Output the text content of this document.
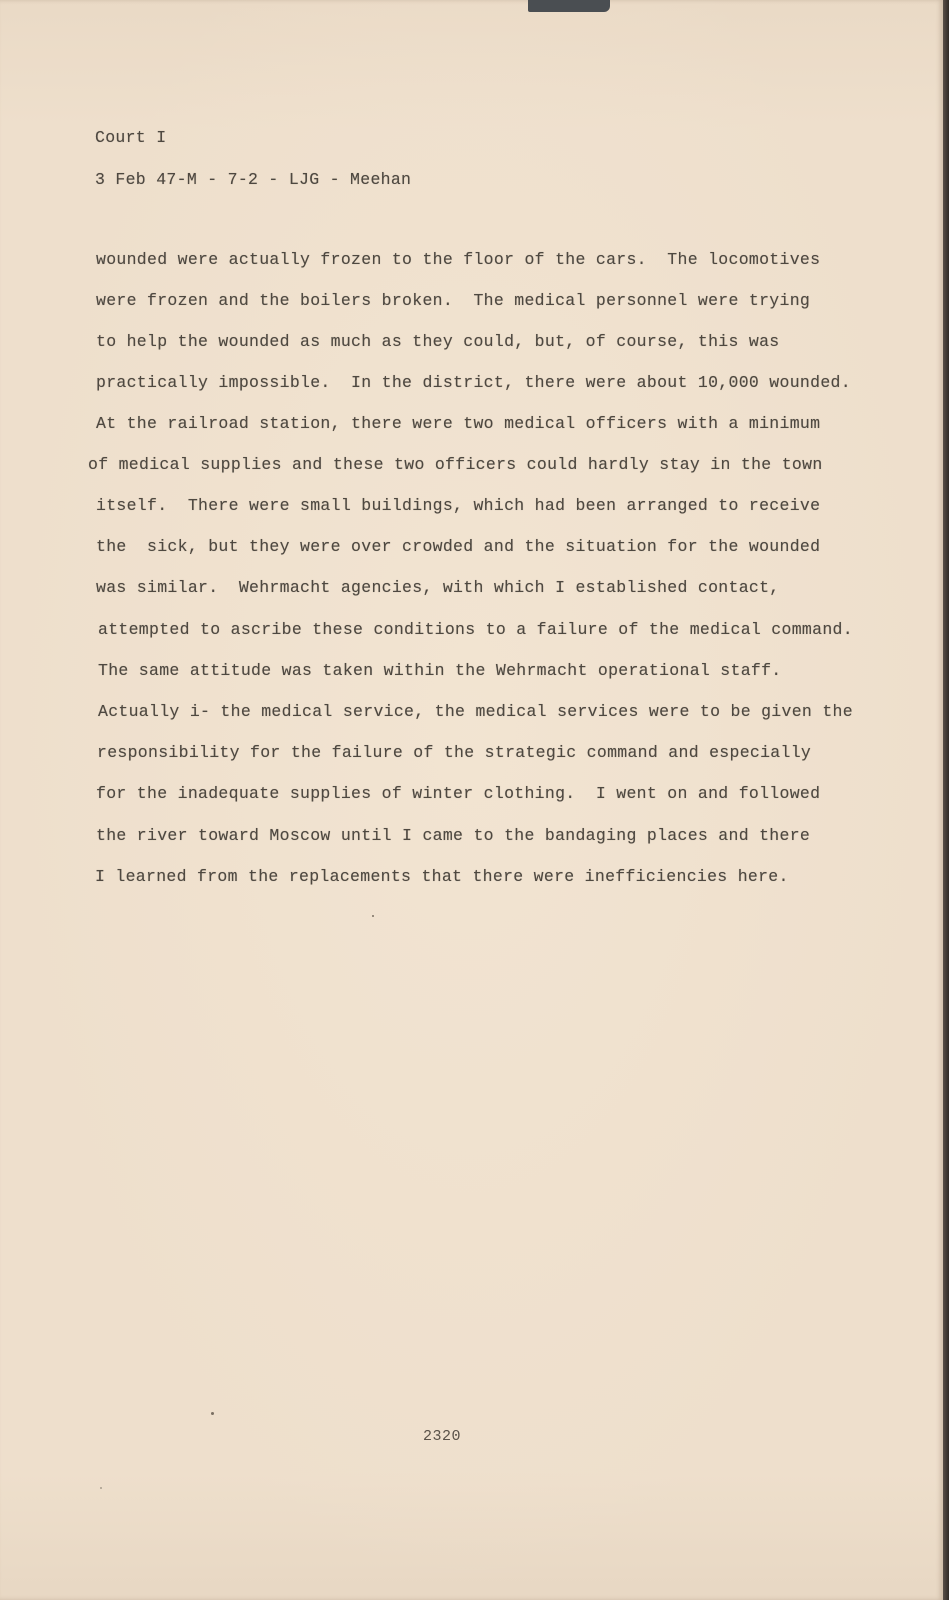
Court I
3 Feb 47-M - 7-2 - LJG - Meehan
wounded were actually frozen to the floor of the cars.  The locomotives
were frozen and the boilers broken.  The medical personnel were trying
to help the wounded as much as they could, but, of course, this was
practically impossible.  In the district, there were about 10,000 wounded.
At the railroad station, there were two medical officers with a minimum
of medical supplies and these two officers could hardly stay in the town
itself.  There were small buildings, which had been arranged to receive
the  sick, but they were over crowded and the situation for the wounded
was similar.  Wehrmacht agencies, with which I established contact,
attempted to ascribe these conditions to a failure of the medical command.
The same attitude was taken within the Wehrmacht operational staff.
Actually i- the medical service, the medical services were to be given the
responsibility for the failure of the strategic command and especially
for the inadequate supplies of winter clothing.  I went on and followed
the river toward Moscow until I came to the bandaging places and there
I learned from the replacements that there were inefficiencies here.
2320
